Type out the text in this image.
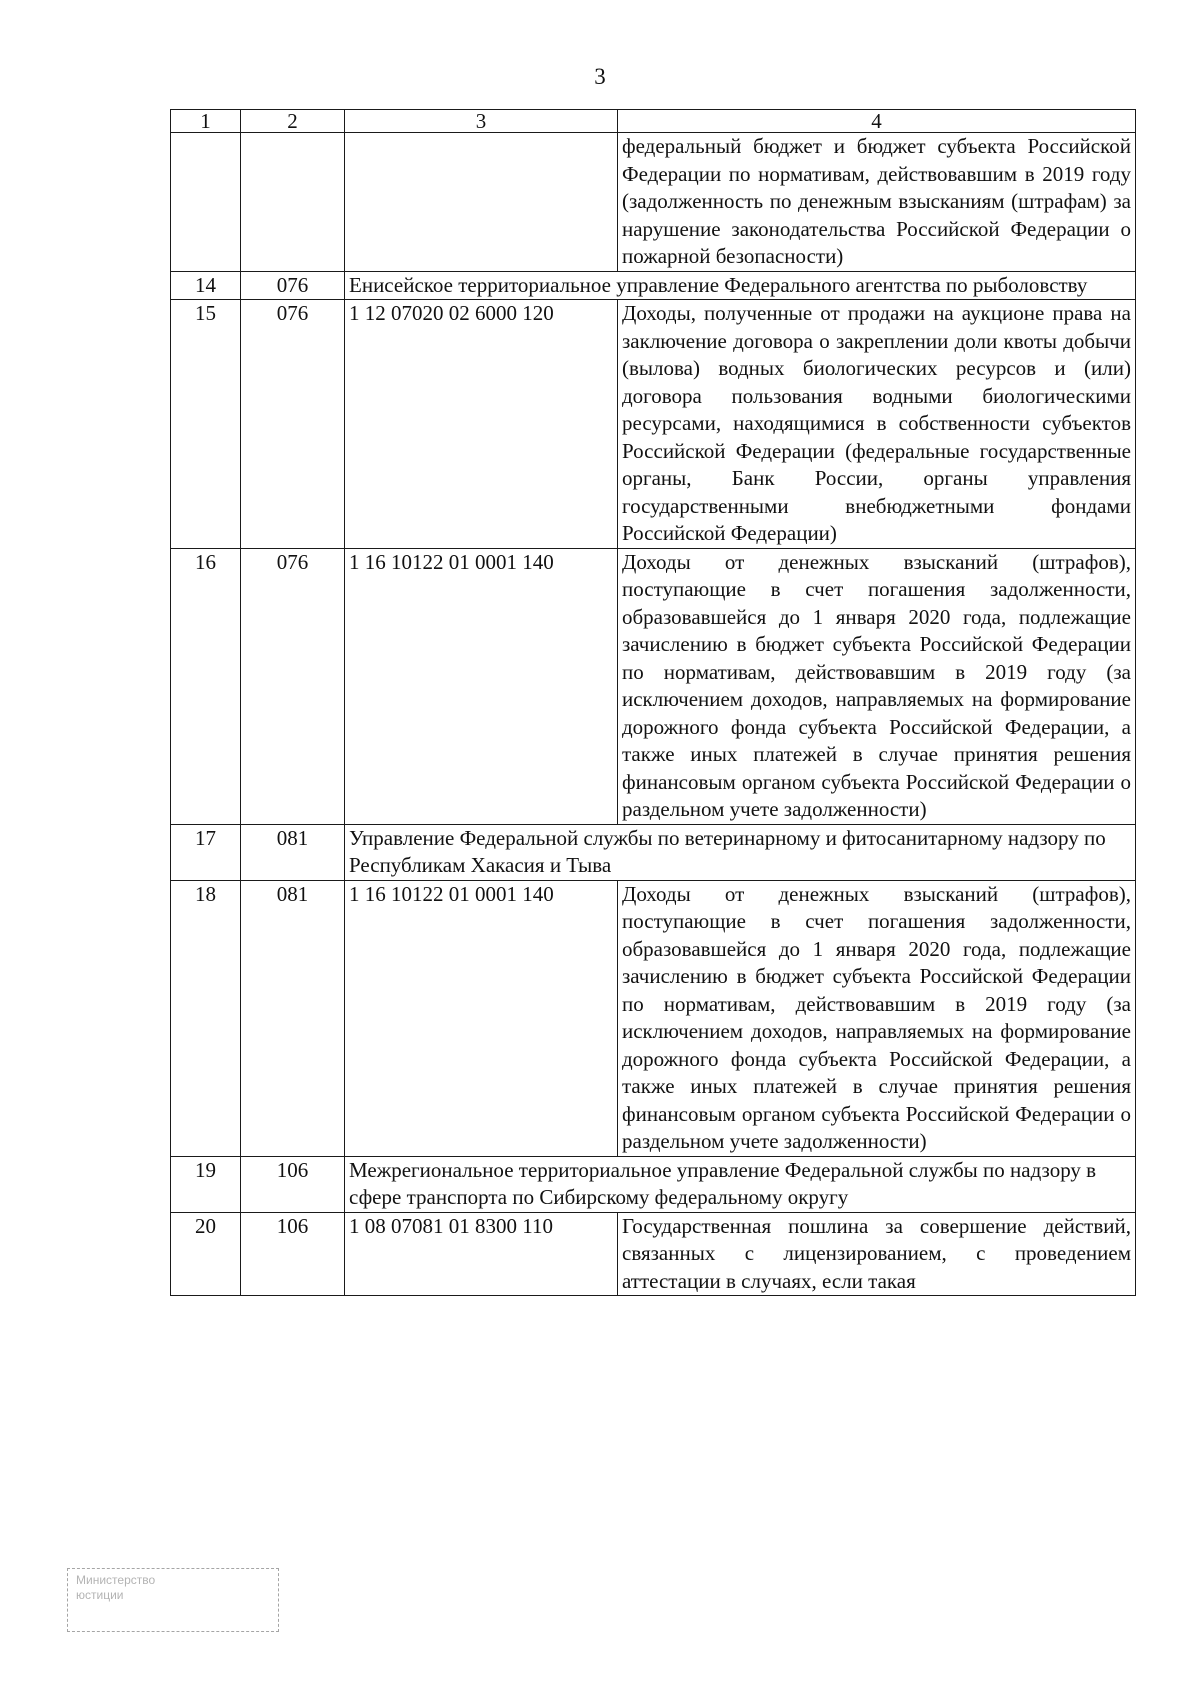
3
1	2	3	4
			федеральный бюджет и бюджет субъекта Российской Федерации по нормативам, действовавшим в 2019 году (задолженность по денежным взысканиям (штрафам) за нарушение законодательства Российской Федерации о пожарной безопасности)
14	076	Енисейское территориальное управление Федерального агентства по рыболовству	
15	076	1 12 07020 02 6000 120	Доходы, полученные от продажи на аукционе права на заключение договора о закреплении доли квоты добычи (вылова) водных биологических ресурсов и (или) договора пользования водными биологическими ресурсами, находящимися в собственности субъектов Российской Федерации (федеральные государственные органы, Банк России, органы управления государственными внебюджетными фондами Российской Федерации)
16	076	1 16 10122 01 0001 140	Доходы от денежных взысканий (штрафов), поступающие в счет погашения задолженности, образовавшейся до 1 января 2020 года, подлежащие зачислению в бюджет субъекта Российской Федерации по нормативам, действовавшим в 2019 году (за исключением доходов, направляемых на формирование дорожного фонда субъекта Российской Федерации, а также иных платежей в случае принятия решения финансовым органом субъекта Российской Федерации о раздельном учете задолженности)
17	081	Управление Федеральной службы по ветеринарному и фитосанитарному надзору по Республикам Хакасия и Тыва	
18	081	1 16 10122 01 0001 140	Доходы от денежных взысканий (штрафов), поступающие в счет погашения задолженности, образовавшейся до 1 января 2020 года, подлежащие зачислению в бюджет субъекта Российской Федерации по нормативам, действовавшим в 2019 году (за исключением доходов, направляемых на формирование дорожного фонда субъекта Российской Федерации, а также иных платежей в случае принятия решения финансовым органом субъекта Российской Федерации о раздельном учете задолженности)
19	106	Межрегиональное территориальное управление Федеральной службы по надзору в сфере транспорта по Сибирскому федеральному округу	
20	106	1 08 07081 01 8300 110	Государственная пошлина за совершение действий, связанных с лицензированием, с проведением аттестации в случаях, если такая
Министерство
юстиции
